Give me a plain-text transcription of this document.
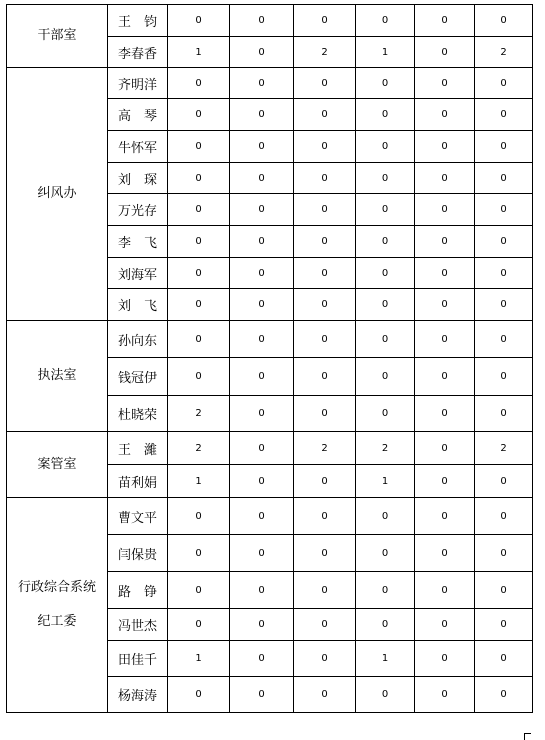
干部室	王　钧	0	0	0	0	0	0
	李春香	1	0	2	1	0	2

纠风办	齐明洋	0	0	0	0	0	0
	高　琴	0	0	0	0	0	0
	牛怀军	0	0	0	0	0	0
	刘　琛	0	0	0	0	0	0
	万光存	0	0	0	0	0	0
	李　飞	0	0	0	0	0	0
	刘海军	0	0	0	0	0	0
	刘　飞	0	0	0	0	0	0

执法室	孙向东	0	0	0	0	0	0
	钱冠伊	0	0	0	0	0	0
	杜晓荣	2	0	0	0	0	0

案管室	王　濰	2	0	2	2	0	2
	苗利娟	1	0	0	1	0	0

行政综合系统
纪工委	曹文平	0	0	0	0	0	0
	闫保贵	0	0	0	0	0	0
	路　铮	0	0	0	0	0	0
	冯世杰	0	0	0	0	0	0
	田佳千	1	0	0	1	0	0
	杨海涛	0	0	0	0	0	0
